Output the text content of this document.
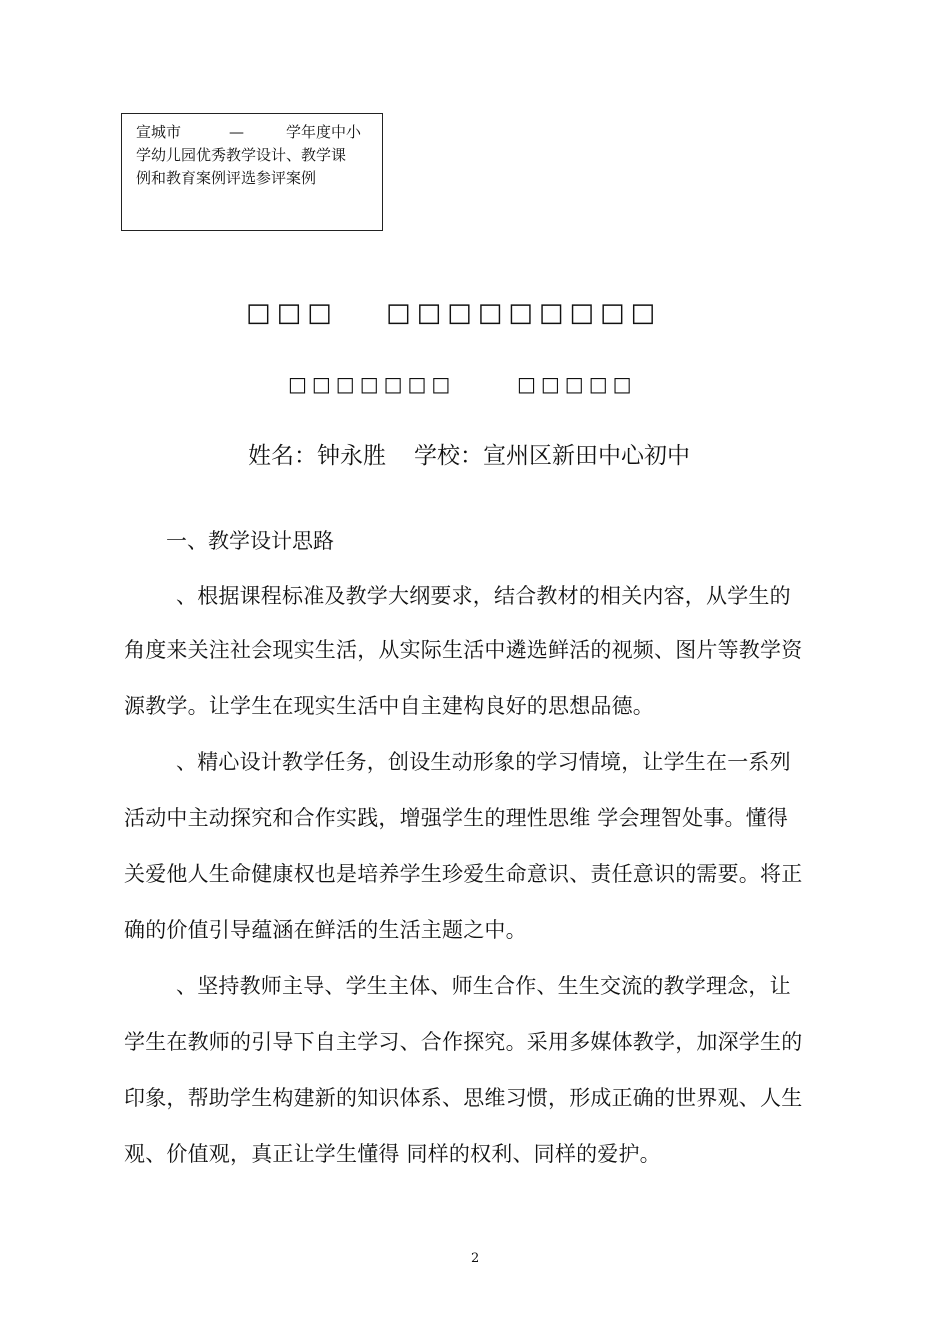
宣城市	—	学年度中小
学幼儿园优秀教学设计、教学课
例和教育案例评选参评案例
□□□ □□□□□□□□□
□□□□□□□	□□□□□
姓名：钟永胜 学校：宣州区新田中心初中
一、教学设计思路
、根据课程标准及教学大纲要求，结合教材的相关内容，从学生的
角度来关注社会现实生活，从实际生活中遴选鲜活的视频、图片等教学资
源教学。让学生在现实生活中自主建构良好的思想品德。
、精心设计教学任务，创设生动形象的学习情境，让学生在一系列
活动中主动探究和合作实践，增强学生的理性思维 学会理智处事。懂得
关爱他人生命健康权也是培养学生珍爱生命意识、责任意识的需要。将正
确的价值引导蕴涵在鲜活的生活主题之中。
、坚持教师主导、学生主体、师生合作、生生交流的教学理念，让
学生在教师的引导下自主学习、合作探究。采用多媒体教学，加深学生的
印象，帮助学生构建新的知识体系、思维习惯，形成正确的世界观、人生
观、价值观，真正让学生懂得 同样的权利、同样的爱护。
2
